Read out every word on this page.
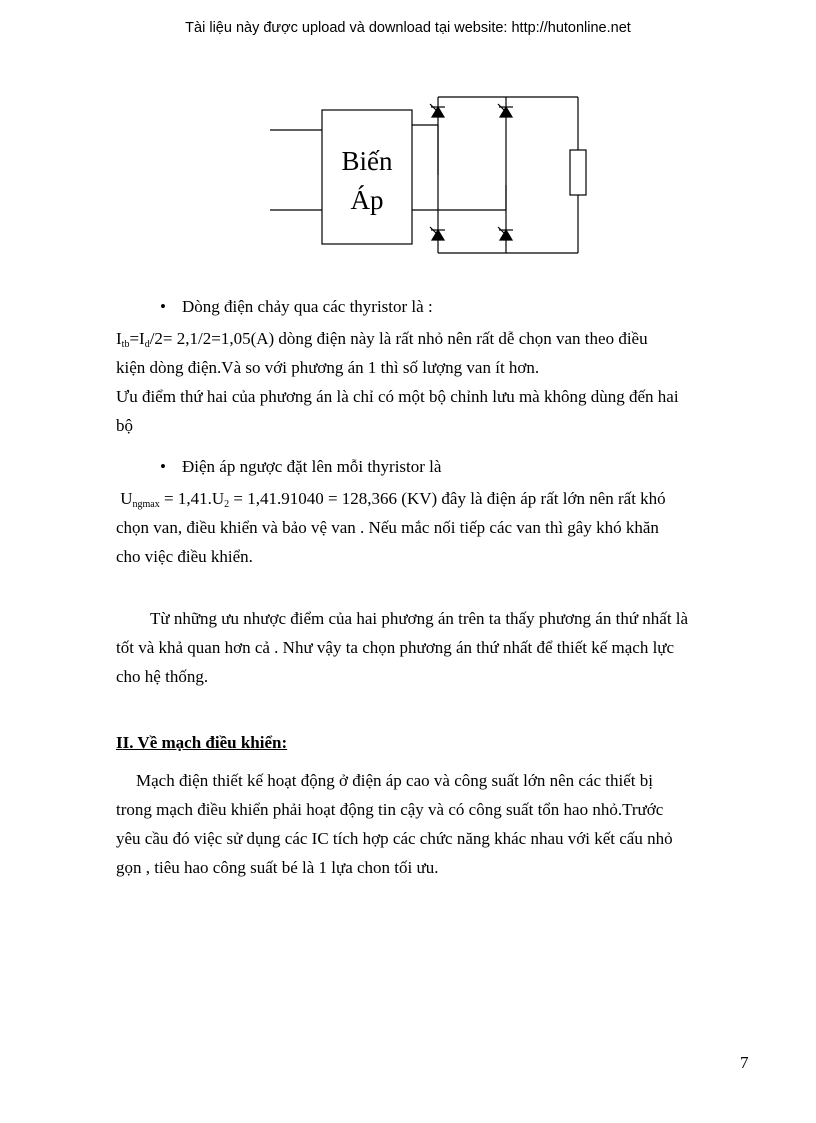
Tài liệu này được upload và download tại website: http://hutonline.net
Biến
Áp
• Dòng điện chảy qua các thyristor là :
$I_{tb}=I_d/2= 2,1/2=1,05(A)$ dòng điện này là rất nhỏ nên rất dễ chọn van theo điều
kiện dòng điện.Và so với phương án 1 thì số lượng van ít hơn.
Ưu điểm thứ hai của phương án là chỉ có một bộ chỉnh lưu mà không dùng đến hai
bộ
• Điện áp ngược đặt lên mỗi thyristor là
$U_{ngmax} = 1,41.U_2 = 1,41.91040 = 128,366$ (KV) đây là điện áp rất lớn nên rất khó
chọn van, điều khiển và bảo vệ van . Nếu mắc nối tiếp các van thì gây khó khăn
cho việc điều khiển.
Từ những ưu nhược điểm của hai phương án trên ta thấy phương án thứ nhất là
tốt và khả quan hơn cả . Như vậy ta chọn phương án thứ nhất để thiết kế mạch lực
cho hệ thống.
II. Về mạch điều khiển:
Mạch điện thiết kế hoạt động ở điện áp cao và công suất lớn nên các thiết bị
trong mạch điều khiển phải hoạt động tin cậy và có công suất tổn hao nhỏ.Trước
yêu cầu đó việc sử dụng các IC tích hợp các chức năng khác nhau với kết cấu nhỏ
gọn , tiêu hao công suất bé là 1 lựa chon tối ưu.
7
